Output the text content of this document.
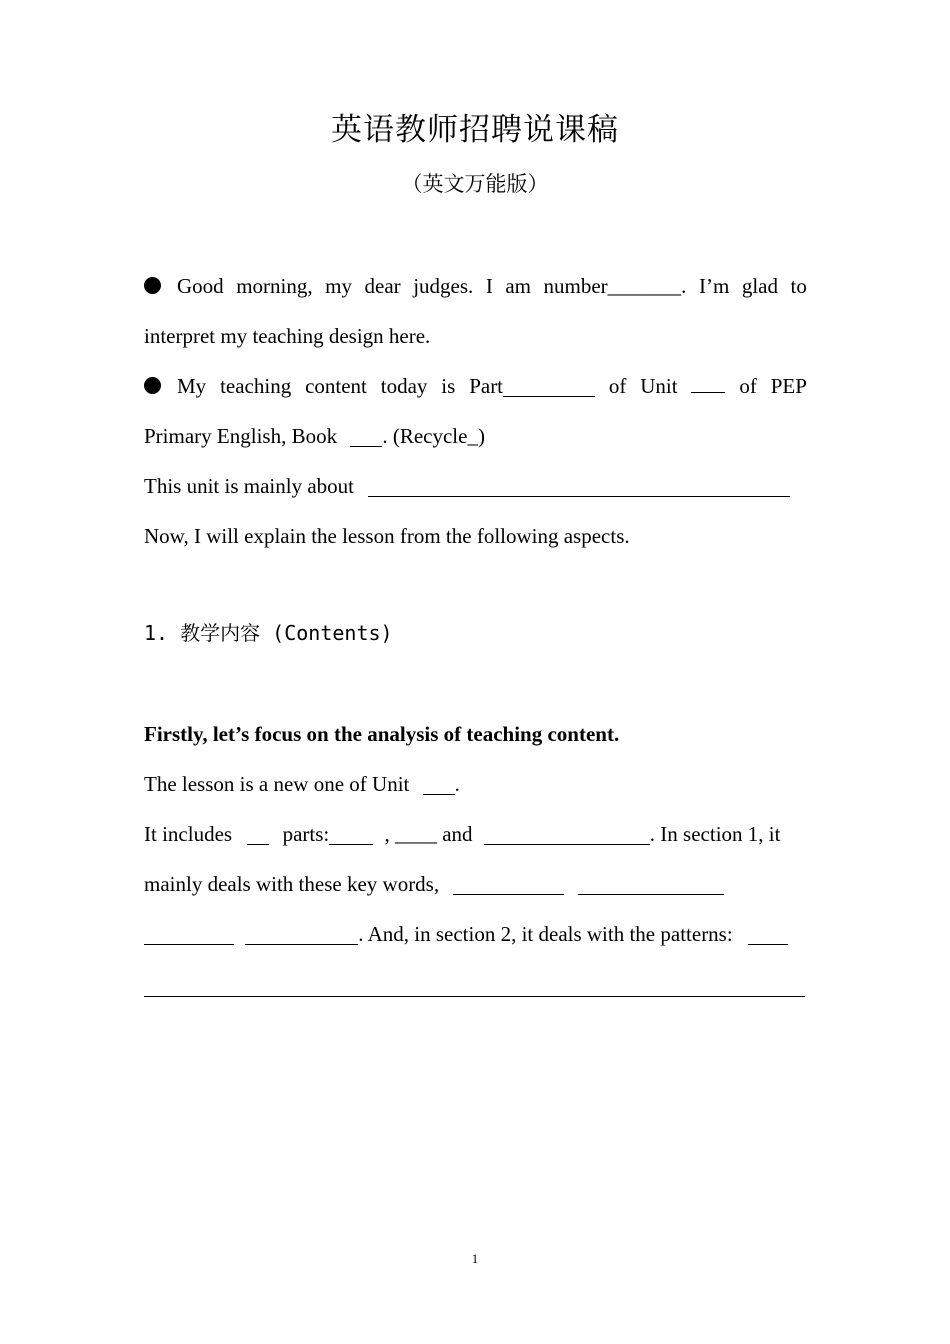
英语教师招聘说课稿
（英文万能版）
Good morning, my dear judges. I am number_______. I’m glad to
interpret my teaching design here.
My teaching content today is Part	of Unit	of PEP
Primary English, Book . (Recycle_)
This unit is mainly about
Now, I will explain the lesson from the following aspects.
1. 教学内容 (Contents)
Firstly, let’s focus on the analysis of teaching content.
The lesson is a new one of Unit .
It includes parts:	, ____ and	. In section 1, it
mainly deals with these key words,
. And, in section 2, it deals with the patterns:
1
